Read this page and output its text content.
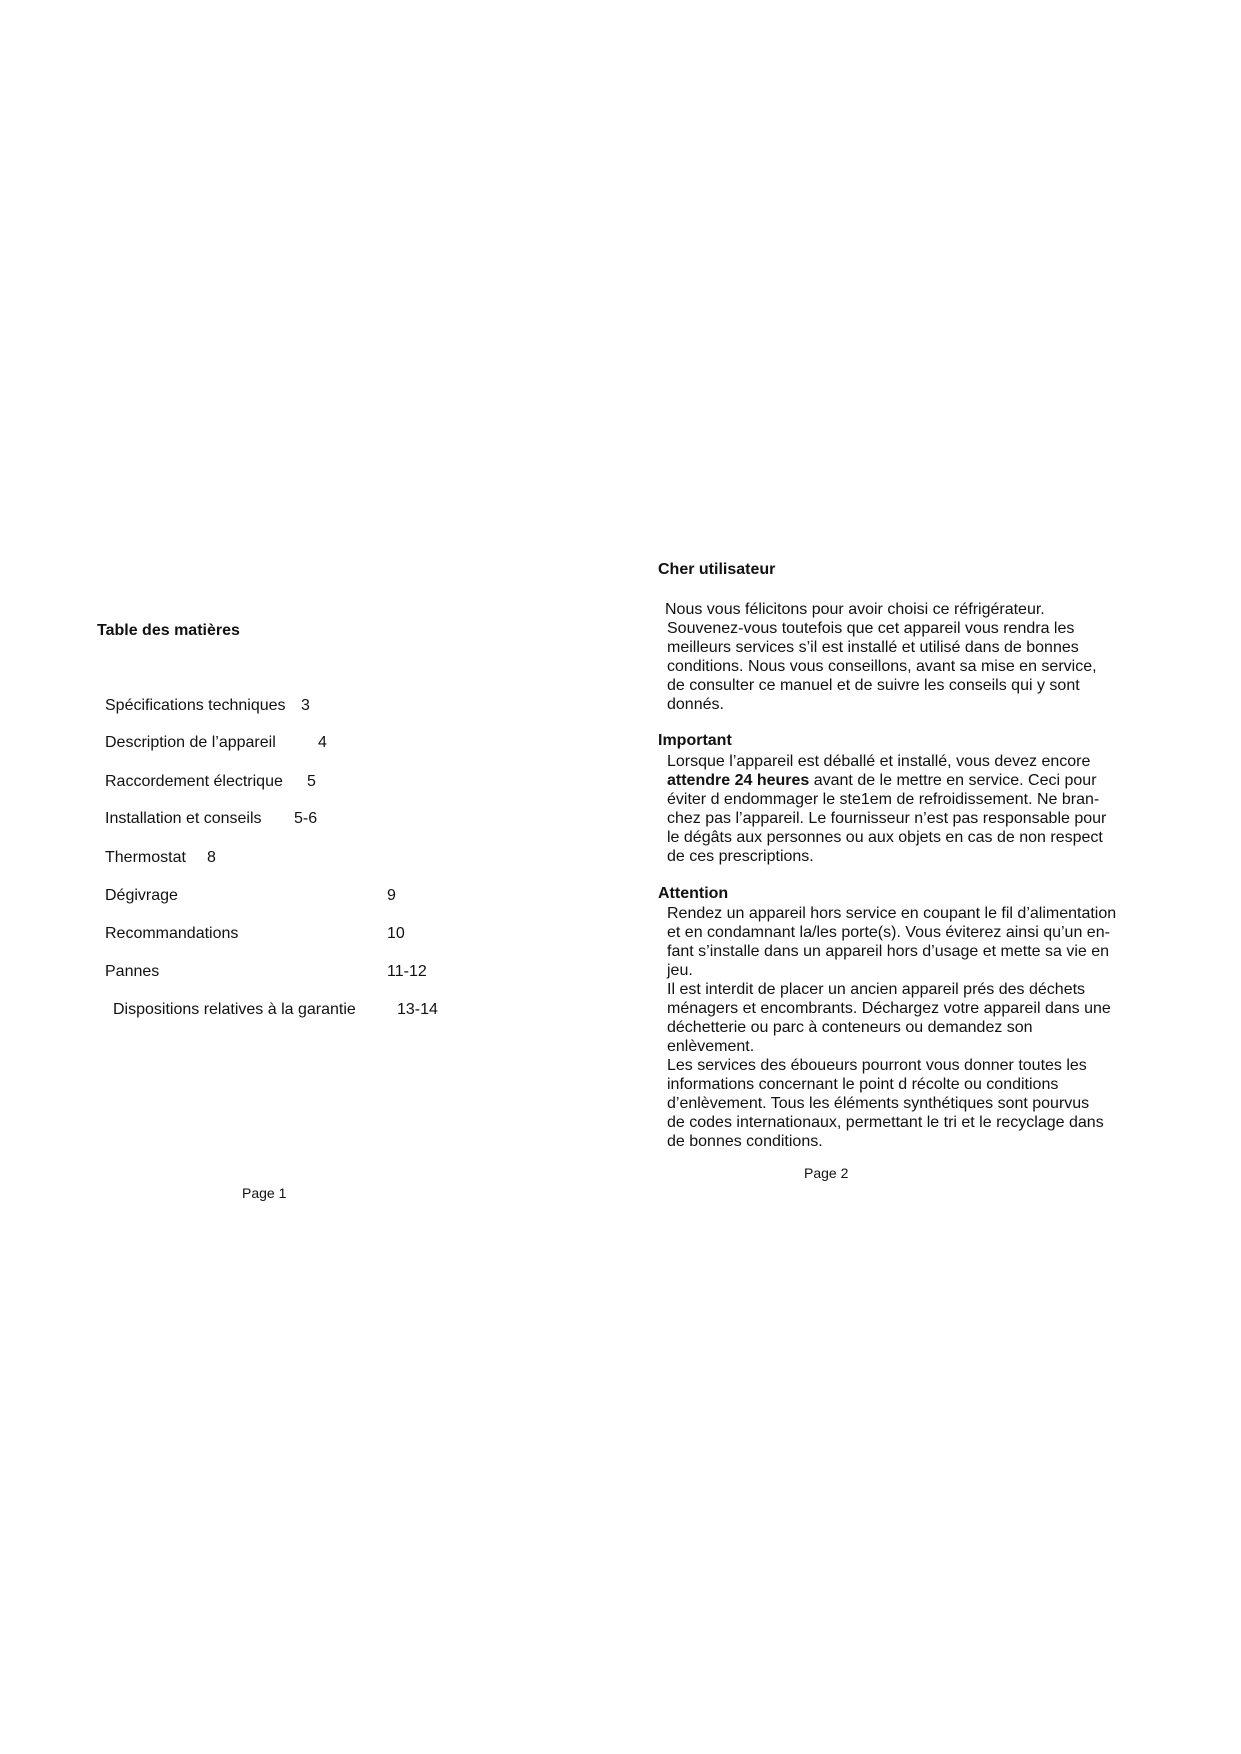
Table des matières
Spécifications techniques 3
Description de l’appareil	4
Raccordement électrique 5
Installation et conseils 5-6
Thermostat 8
Dégivrage	9
Recommandations	10
Pannes	11-12
Dispositions relatives à la garantie	13-14
Page 1
Cher utilisateur
Nous vous félicitons pour avoir choisi ce réfrigérateur.
Souvenez-vous toutefois que cet appareil vous rendra les
meilleurs services s’il est installé et utilisé dans de bonnes
conditions. Nous vous conseillons, avant sa mise en service,
de consulter ce manuel et de suivre les conseils qui y sont
donnés.
Important
Lorsque l’appareil est déballé et installé, vous devez encore
attendre 24 heures avant de le mettre en service. Ceci pour
éviter d endommager le ste1em de refroidissement. Ne bran-
chez pas l’appareil. Le fournisseur n’est pas responsable pour
le dégâts aux personnes ou aux objets en cas de non respect
de ces prescriptions.
Attention
Rendez un appareil hors service en coupant le fil d’alimentation
et en condamnant la/les porte(s). Vous éviterez ainsi qu’un en-
fant s’installe dans un appareil hors d’usage et mette sa vie en
jeu.
Il est interdit de placer un ancien appareil prés des déchets
ménagers et encombrants. Déchargez votre appareil dans une
déchetterie ou parc à conteneurs ou demandez son
enlèvement.
Les services des éboueurs pourront vous donner toutes les
informations concernant le point d récolte ou conditions
d’enlèvement. Tous les éléments synthétiques sont pourvus
de codes internationaux, permettant le tri et le recyclage dans
de bonnes conditions.
Page 2
